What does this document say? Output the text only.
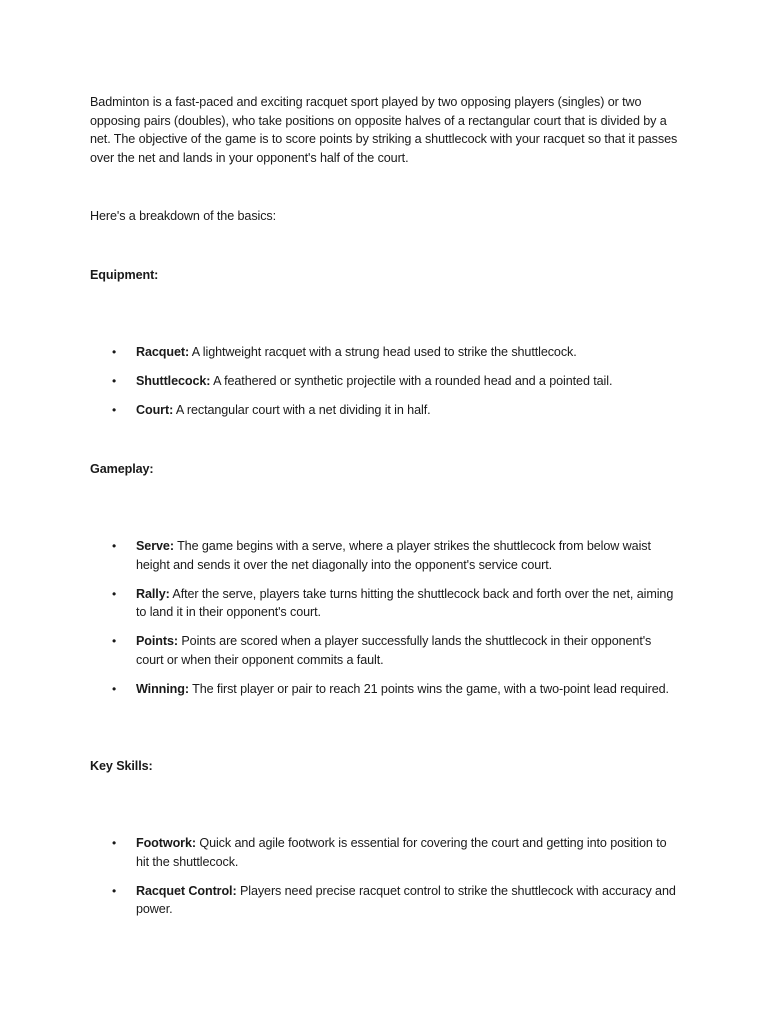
Badminton is a fast-paced and exciting racquet sport played by two opposing players (singles) or two opposing pairs (doubles), who take positions on opposite halves of a rectangular court that is divided by a net. The objective of the game is to score points by striking a shuttlecock with your racquet so that it passes over the net and lands in your opponent's half of the court.

Here's a breakdown of the basics:

Equipment:

• Racquet: A lightweight racquet with a strung head used to strike the shuttlecock.
• Shuttlecock: A feathered or synthetic projectile with a rounded head and a pointed tail.
• Court: A rectangular court with a net dividing it in half.

Gameplay:

• Serve: The game begins with a serve, where a player strikes the shuttlecock from below waist height and sends it over the net diagonally into the opponent's service court.
• Rally: After the serve, players take turns hitting the shuttlecock back and forth over the net, aiming to land it in their opponent's court.
• Points: Points are scored when a player successfully lands the shuttlecock in their opponent's court or when their opponent commits a fault.
• Winning: The first player or pair to reach 21 points wins the game, with a two-point lead required.

Key Skills:

• Footwork: Quick and agile footwork is essential for covering the court and getting into position to hit the shuttlecock.
• Racquet Control: Players need precise racquet control to strike the shuttlecock with accuracy and power.
